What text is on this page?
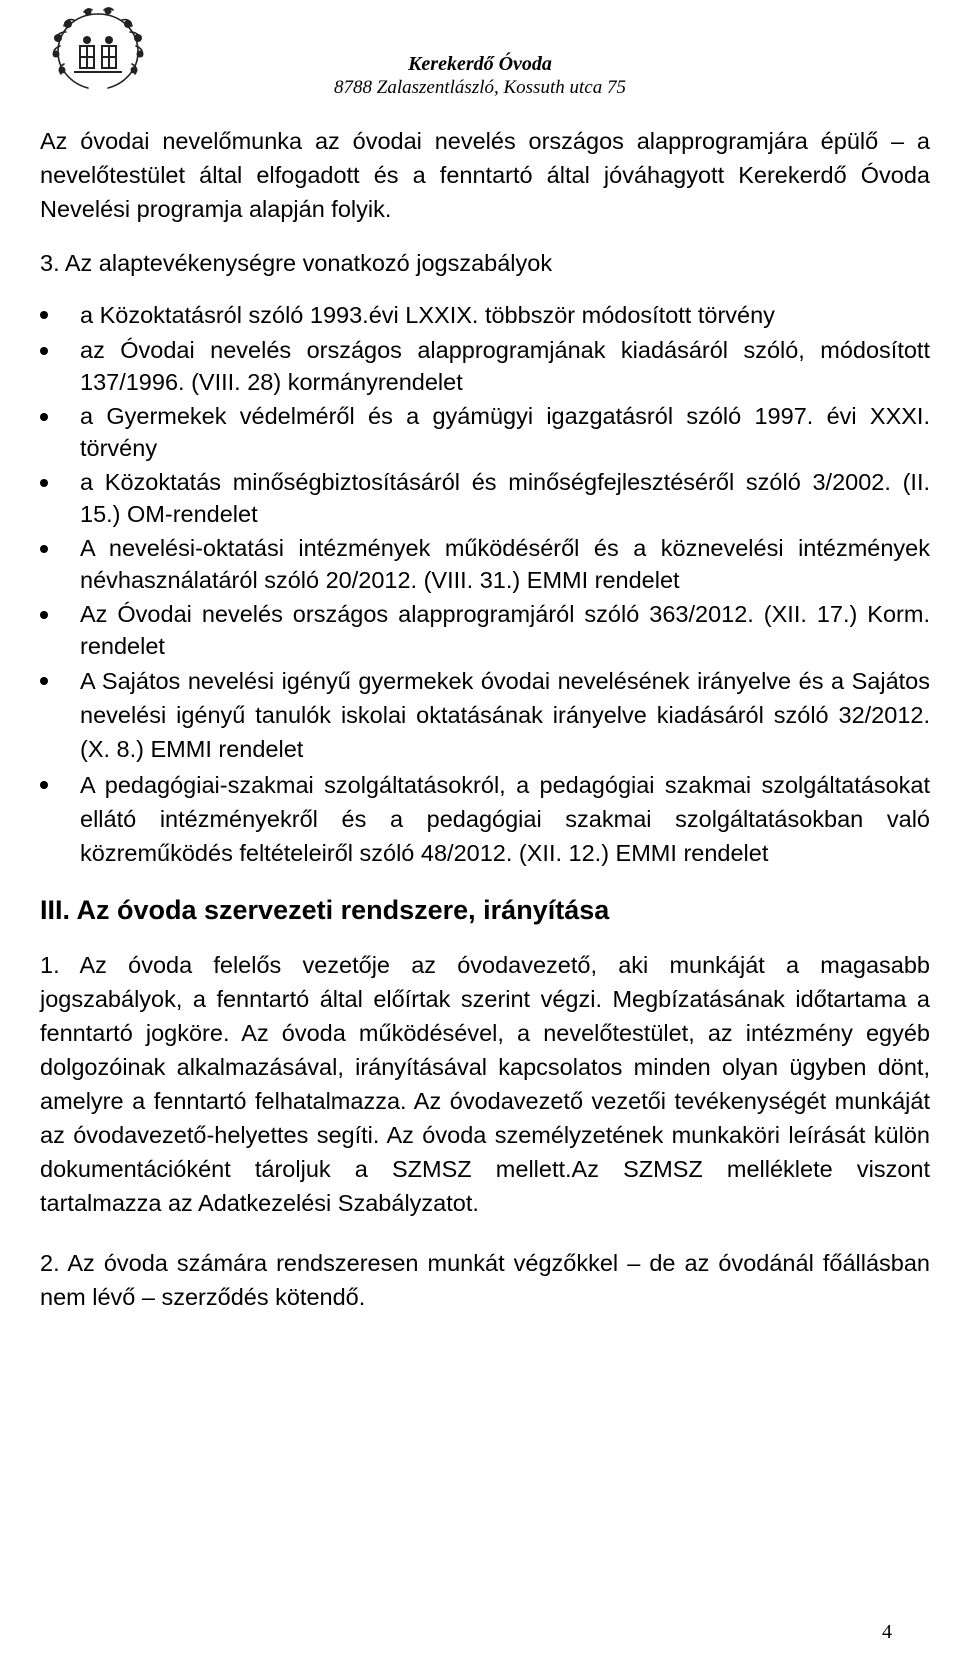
Kerekerdő Óvoda
8788 Zalaszentlászló, Kossuth utca 75

Az óvodai nevelőmunka az óvodai nevelés országos alapprogramjára épülő – a nevelőtestület által elfogadott és a fenntartó által jóváhagyott Kerekerdő Óvoda Nevelési programja alapján folyik.

3. Az alaptevékenységre vonatkozó jogszabályok

a Közoktatásról szóló 1993.évi LXXIX. többször módosított törvény
az Óvodai nevelés országos alapprogramjának kiadásáról szóló, módosított 137/1996. (VIII. 28) kormányrendelet
a Gyermekek védelméről és a gyámügyi igazgatásról szóló 1997. évi XXXI. törvény
a Közoktatás minőségbiztosításáról és minőségfejlesztéséről szóló 3/2002. (II. 15.) OM-rendelet
A nevelési-oktatási intézmények működéséről és a köznevelési intézmények névhasználatáról szóló 20/2012. (VIII. 31.) EMMI rendelet
Az Óvodai nevelés országos alapprogramjáról szóló 363/2012. (XII. 17.) Korm. rendelet
A Sajátos nevelési igényű gyermekek óvodai nevelésének irányelve és a Sajátos nevelési igényű tanulók iskolai oktatásának irányelve kiadásáról szóló 32/2012. (X. 8.) EMMI rendelet
A pedagógiai-szakmai szolgáltatásokról, a pedagógiai szakmai szolgáltatásokat ellátó intézményekről és a pedagógiai szakmai szolgáltatásokban való közreműködés feltételeiről szóló 48/2012. (XII. 12.) EMMI rendelet
III. Az óvoda szervezeti rendszere, irányítása

1. Az óvoda felelős vezetője az óvodavezető, aki munkáját a magasabb jogszabályok, a fenntartó által előírtak szerint végzi. Megbízatásának időtartama a fenntartó jogköre. Az óvoda működésével, a nevelőtestület, az intézmény egyéb dolgozóinak alkalmazásával, irányításával kapcsolatos minden olyan ügyben dönt, amelyre a fenntartó felhatalmazza. Az óvodavezető vezetői tevékenységét munkáját az óvodavezető-helyettes segíti. Az óvoda személyzetének munkaköri leírását külön dokumentációként tároljuk a SZMSZ mellett.Az SZMSZ melléklete viszont tartalmazza az Adatkezelési Szabályzatot.

2. Az óvoda számára rendszeresen munkát végzőkkel – de az óvodánál főállásban nem lévő – szerződés kötendő.

4
